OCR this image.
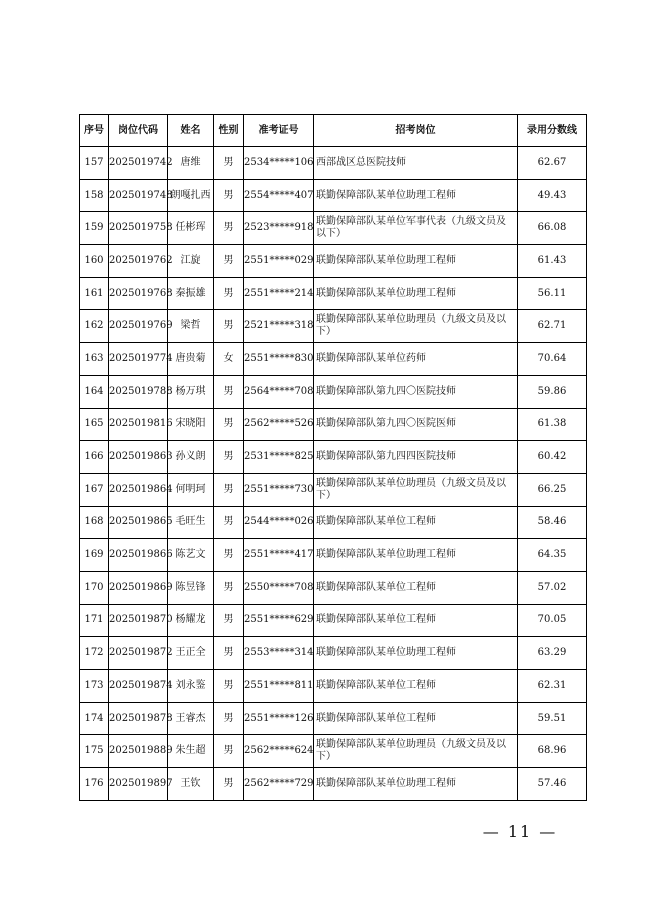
序号	岗位代码	姓名	性别	准考证号	招考岗位	录用分数线
157	2025019742	唐维	男	2534*****106	西部战区总医院技师	62.67
158	2025019748	朗嘎扎西	男	2554*****407	联勤保障部队某单位助理工程师	49.43
159	2025019758	任彬珲	男	2523*****918	联勤保障部队某单位军事代表（九级文员及以下）	66.08
160	2025019762	江旋	男	2551*****029	联勤保障部队某单位助理工程师	61.43
161	2025019768	秦振雄	男	2551*****214	联勤保障部队某单位助理工程师	56.11
162	2025019769	梁哲	男	2521*****318	联勤保障部队某单位助理员（九级文员及以下）	62.71
163	2025019774	唐贵菊	女	2551*****830	联勤保障部队某单位药师	70.64
164	2025019788	杨万琪	男	2564*****708	联勤保障部队第九四〇医院技师	59.86
165	2025019816	宋晓阳	男	2562*****526	联勤保障部队第九四〇医院医师	61.38
166	2025019863	孙义朗	男	2531*****825	联勤保障部队第九四四医院技师	60.42
167	2025019864	何明珂	男	2551*****730	联勤保障部队某单位助理员（九级文员及以下）	66.25
168	2025019865	毛旺生	男	2544*****026	联勤保障部队某单位工程师	58.46
169	2025019866	陈艺文	男	2551*****417	联勤保障部队某单位助理工程师	64.35
170	2025019869	陈昱锋	男	2550*****708	联勤保障部队某单位工程师	57.02
171	2025019870	杨耀龙	男	2551*****629	联勤保障部队某单位工程师	70.05
172	2025019872	王正全	男	2553*****314	联勤保障部队某单位助理工程师	63.29
173	2025019874	刘永鉴	男	2551*****811	联勤保障部队某单位工程师	62.31
174	2025019878	王睿杰	男	2551*****126	联勤保障部队某单位工程师	59.51
175	2025019889	朱生超	男	2562*****624	联勤保障部队某单位助理员（九级文员及以下）	68.96
176	2025019897	王钦	男	2562*****729	联勤保障部队某单位助理工程师	57.46
— 11 —
